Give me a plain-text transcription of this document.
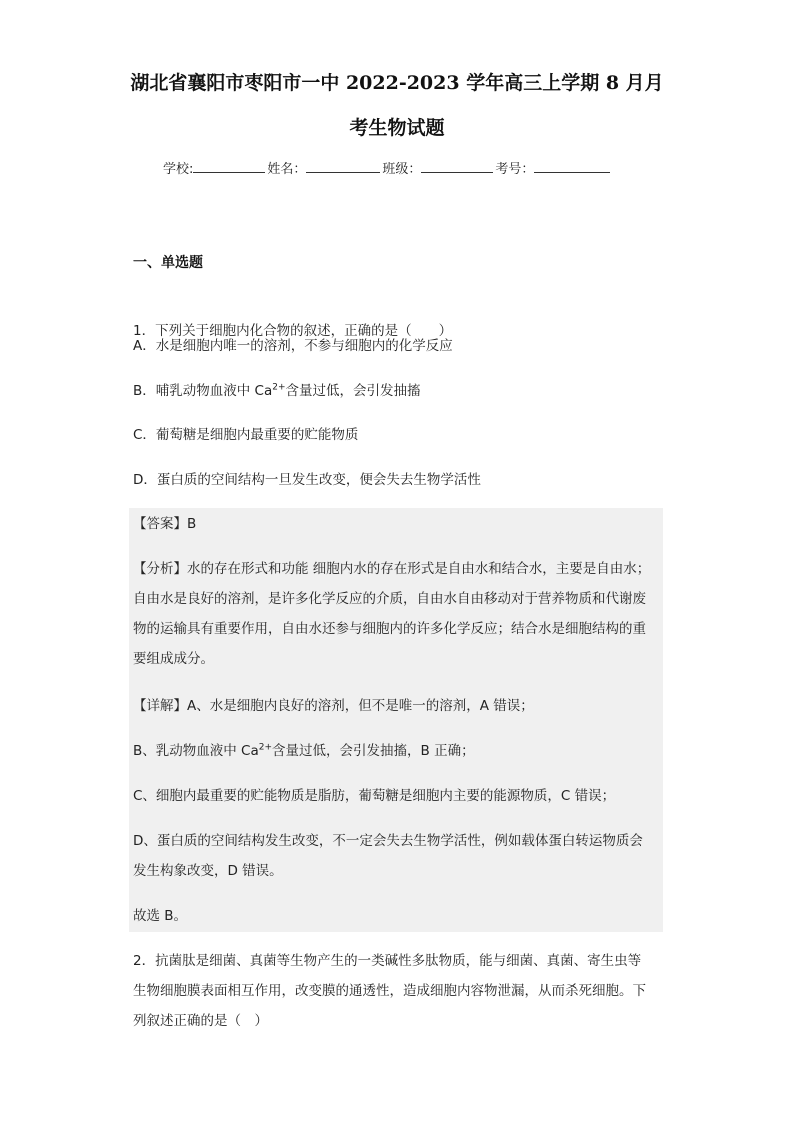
湖北省襄阳市枣阳市一中 2022-2023 学年高三上学期 8 月月
考生物试题
学校:	姓名：	班级：	考号：
一、单选题
1．下列关于细胞内化合物的叙述，正确的是（　　）
A．水是细胞内唯一的溶剂，不参与细胞内的化学反应
B．哺乳动物血液中 $Ca^{2+}$含量过低，会引发抽搐
C．葡萄糖是细胞内最重要的贮能物质
D．蛋白质的空间结构一旦发生改变，便会失去生物学活性
【答案】B
【分析】水的存在形式和功能 细胞内水的存在形式是自由水和结合水，主要是自由水；
自由水是良好的溶剂，是许多化学反应的介质，自由水自由移动对于营养物质和代谢废
物的运输具有重要作用，自由水还参与细胞内的许多化学反应；结合水是细胞结构的重
要组成成分。
【详解】A、水是细胞内良好的溶剂，但不是唯一的溶剂，A 错误；
B、乳动物血液中 $Ca^{2+}$含量过低，会引发抽搐，B 正确；
C、细胞内最重要的贮能物质是脂肪，葡萄糖是细胞内主要的能源物质，C 错误；
D、蛋白质的空间结构发生改变，不一定会失去生物学活性，例如载体蛋白转运物质会
发生构象改变，D 错误。
故选 B。
2．抗菌肽是细菌、真菌等生物产生的一类碱性多肽物质，能与细菌、真菌、寄生虫等
生物细胞膜表面相互作用，改变膜的通透性，造成细胞内容物泄漏，从而杀死细胞。下
列叙述正确的是（　）
